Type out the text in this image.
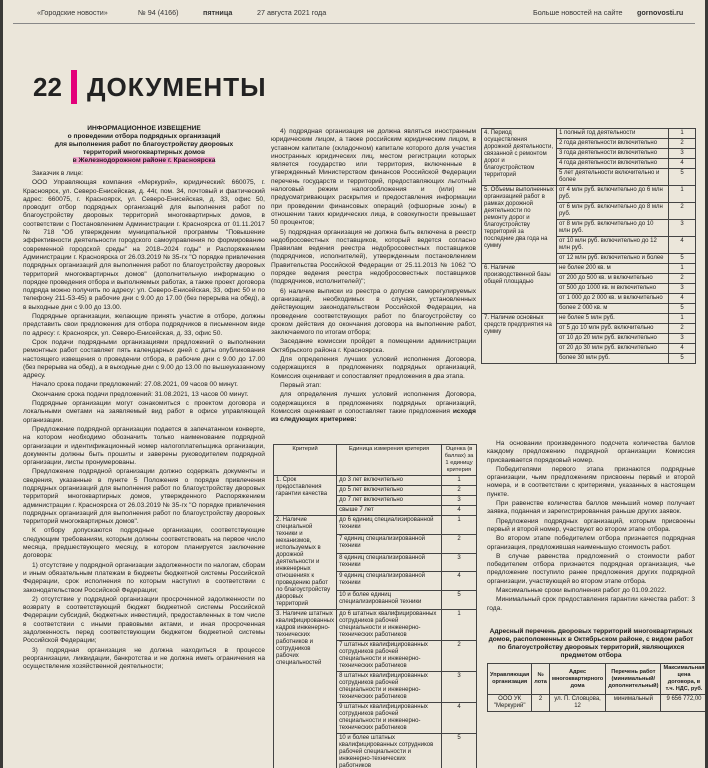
«Городские новости»	№ 94 (4166)	пятница	27 августа 2021 года	Больше новостей на сайте gornovosti.ru
22 ДОКУМЕНТЫ
ИНФОРМАЦИОННОЕ ИЗВЕЩЕНИЕ
о проведении отбора подрядных организаций
для выполнения работ по благоустройству дворовых
территорий многоквартирных домов
в Железнодорожном районе г. Красноярска

Заказчик в лице:

ООО Управляющая компания «Меркурий», юридический: 660075, г. Красноярск, ул. Северо-Енисейская, д. 44г, пом. 34, почтовый и фактический адрес: 660075, г. Красноярск, ул. Северо-Енисейская, д. 33, офис 50, проводит отбор подрядных организаций для выполнения работ по благоустройству дворовых территорий многоквартирных домов, в соответствии с Постановлением Администрации г. Красноярска от 01.11.2017 № 718 "Об утверждении муниципальной программы "Повышение эффективности деятельности городского самоуправления по формированию современной городской среды" на 2018–2024 годы" и Распоряжением Администрации г. Красноярска от 26.03.2019 № 35-гх "О порядке привлечения подрядных организаций для выполнения работ по благоустройству дворовых территорий многоквартирных домов" (дополнительную информацию о порядке проведения отбора и выполняемых работах, а также проект договора подряда можно получить по адресу: ул. Северо-Енисейская, 33, офис 50 и по телефону 211-53-45) в рабочие дни с 9.00 до 17.00 (без перерыва на обед), а в выходные дни с 9.00 до 13.00.

Подрядные организации, желающие принять участие в отборе, должны представить свои предложения для отбора подрядчиков в письменном виде по адресу: г. Красноярск, ул. Северо-Енисейская, д. 33, офис 50.

Срок подачи подрядными организациями предложений о выполнении ремонтных работ составляет пять календарных дней с даты опубликования настоящего извещения о проведении отбора, в рабочие дни с 9.00 до 17.00 (без перерыва на обед), а в выходные дни с 9.00 до 13.00 по вышеуказанному адресу.

Начало срока подачи предложений: 27.08.2021, 09 часов 00 минут.

Окончание срока подачи предложений: 31.08.2021, 13 часов 00 минут.

Подрядные организации могут ознакомиться с проектом договора и локальными сметами на заявляемый вид работ в офисе управляющей организации.

Предложение подрядной организации подается в запечатанном конверте, на котором необходимо обозначить только наименование подрядной организации и идентификационный номер налогоплательщика организации, документы должны быть прошиты и заверены руководителем подрядной организации, листы пронумерованы.

Предложение подрядной организации должно содержать документы и сведения, указанные в пункте 5 Положения о порядке привлечения подрядных организаций для выполнения работ по благоустройству дворовых территорий многоквартирных домов, утвержденного Распоряжением администрации г. Красноярска от 26.03.2019 № 35-гх "О порядке привлечения подрядных организаций для выполнения работ по благоустройству дворовых территорий многоквартирных домов".

К отбору допускаются подрядные организации, соответствующие следующим требованиям, которым должны соответствовать на первое число месяца, предшествующего месяцу, в котором планируется заключение договора:

1) отсутствие у подрядной организации задолженности по налогам, сборам и иным обязательным платежам в бюджеты бюджетной системы Российской Федерации, срок исполнения по которым наступил в соответствии с законодательством Российской Федерации;

2) отсутствие у подрядной организации просроченной задолженности по возврату в соответствующий бюджет бюджетной системы Российской Федерации субсидий, бюджетных инвестиций, предоставленных в том числе в соответствии с иными правовыми актами, и иная просроченная задолженность перед соответствующим бюджетом бюджетной системы Российской Федерации;

3) подрядная организация не должна находиться в процессе реорганизации, ликвидации, банкротства и не должна иметь ограничения на осуществление хозяйственной деятельности;

4) подрядная организация не должна являться иностранным юридическим лицом, а также российским юридическим лицом, в уставном капитале (складочном) капитале которого доля участия иностранных юридических лиц, местом регистрации которых является государство или территория, включенные в утвержденный Министерством финансов Российской Федерации перечень государств и территорий, предоставляющих льготный налоговый режим налогообложения и (или) не предусматривающих раскрытия и предоставления информации при проведении финансовых операций (офшорные зоны) в отношении таких юридических лица, в совокупности превышает 50 процентов;

5) подрядная организация не должна быть включена в реестр недобросовестных поставщиков, который ведется согласно Правилам ведения реестра недобросовестных поставщиков (подрядчиков, исполнителей), утвержденным постановлением Правительства Российской Федерации от 25.11.2013 № 1062 "О порядке ведения реестра недобросовестных поставщиков (подрядчиков, исполнителей)";

6) наличие выписки из реестра о допуске саморегулируемых организаций, необходимых в случаях, установленных действующим законодательством Российской Федерации, на проведение соответствующих работ по благоустройству со сроком действия до окончания договора на выполнение работ, заключаемого по итогам отбора;

Заседание комиссии пройдет в помещении администрации Октябрьского района г. Красноярска.

Для определения лучших условий исполнения Договора, содержащихся в предложениях подрядных организаций, Комиссия оценивает и сопоставляет предложения в два этапа.

Первый этап:

для определения лучших условий исполнения Договора, содержащихся в предложениях подрядных организаций, Комиссия оценивает и сопоставляет такие предложения исходя из следующих критериев:

Критерий	Единица измерения критерия	Оценка (в баллах) за 1 единицу критерия
1. Срок предоставления гарантии качества	до 3 лет включительно	1
	до 5 лет включительно	2
	до 7 лет включительно	3
	свыше 7 лет	4
2. Наличие специальной техники и механизмов, используемых в дорожной деятельности и инженерных отношениях к проведению работ по благоустройству дворовых территорий	до 6 единиц специализированной техники	1
	7 единиц специализированной техники	2
	8 единиц специализированной техники	3
	9 единиц специализированной техники	4
	10 и более единиц специализированной техники	5
3. Наличие штатных квалифицированных кадров инженерно-технических работников и сотрудников рабочих специальностей	до 6 штатных квалифицированных сотрудников рабочей специальности и инженерно-технических работников	1
	7 штатных квалифицированных сотрудников рабочей специальности и инженерно-технических работников	2
	8 штатных квалифицированных сотрудников рабочей специальности и инженерно-технических работников	3
	9 штатных квалифицированных сотрудников рабочей специальности и инженерно-технических работников	4
	10 и более штатных квалифицированных сотрудников рабочей специальности и инженерно-технических работников	5
4. Период осуществления дорожной деятельности, связанной с ремонтом дорог и благоустройством территорий	1 полный год деятельности	1
	2 года деятельности включительно	2
	3 года деятельности включительно	3
	4 года деятельности включительно	4
	5 лет деятельности включительно и более	5
5. Объемы выполненных организацией работ в рамках дорожной деятельности по ремонту дорог и благоустройству территорий за последние два года на сумму	от 4 млн руб. включительно до 6 млн руб.	1
	от 6 млн руб. включительно до 8 млн руб.	2
	от 8 млн руб. включительно до 10 млн руб.	3
	от 10 млн руб. включительно до 12 млн руб.	4
	от 12 млн руб. включительно и более	5
6. Наличие производственной базы общей площадью	не более 200 кв. м	1
	от 200 до 500 кв. м включительно	2
	от 500 до 1000 кв. м включительно	3
	от 1 000 до 2 000 кв. м включительно	4
	более 2 000 кв. м	5
7. Наличие основных средств предприятия на сумму	не более 5 млн руб.	1
	от 5 до 10 млн руб. включительно	2
	от 10 до 20 млн руб. включительно	3
	от 20 до 30 млн руб. включительно	4
	более 30 млн руб.	5

На основании произведенного подсчета количества баллов каждому предложению подрядной организации Комиссия присваивается порядковый номер.

Победителями первого этапа признаются подрядные организации, чьим предложениям присвоены первый и второй номера, и в соответствии с критериями, указанных в настоящем пункте.

При равенстве количества баллов меньший номер получает заявка, поданная и зарегистрированная раньше других заявок.

Предложения подрядных организаций, которым присвоены первый и второй номер, участвуют во втором этапе отбора.

Во втором этапе победителем отбора признается подрядная организация, предложившая наименьшую стоимость работ.

В случае равенства предложений о стоимости работ победителем отбора признается подрядная организация, чье предложение поступило ранее предложения других подрядной организации, участвующей во втором этапе отбора.

Максимальные сроки выполнения работ до 01.09.2022.

Минимальный срок предоставления гарантии качества работ: 3 года.

Адресный перечень дворовых территорий многоквартирных домов, расположенных в Октябрьском районе, с видом работ по благоустройству дворовых территорий, являющихся предметом отбора
Управляющая организация	№ лота	Адрес многоквартирного дома	Перечень работ (минимальный/дополнительный)	Максимальная цена договора, в т.ч. НДС, руб.
ООО УК "Меркурий"	2	ул. П. Словцова, 12	минимальный	9 656 772,00
